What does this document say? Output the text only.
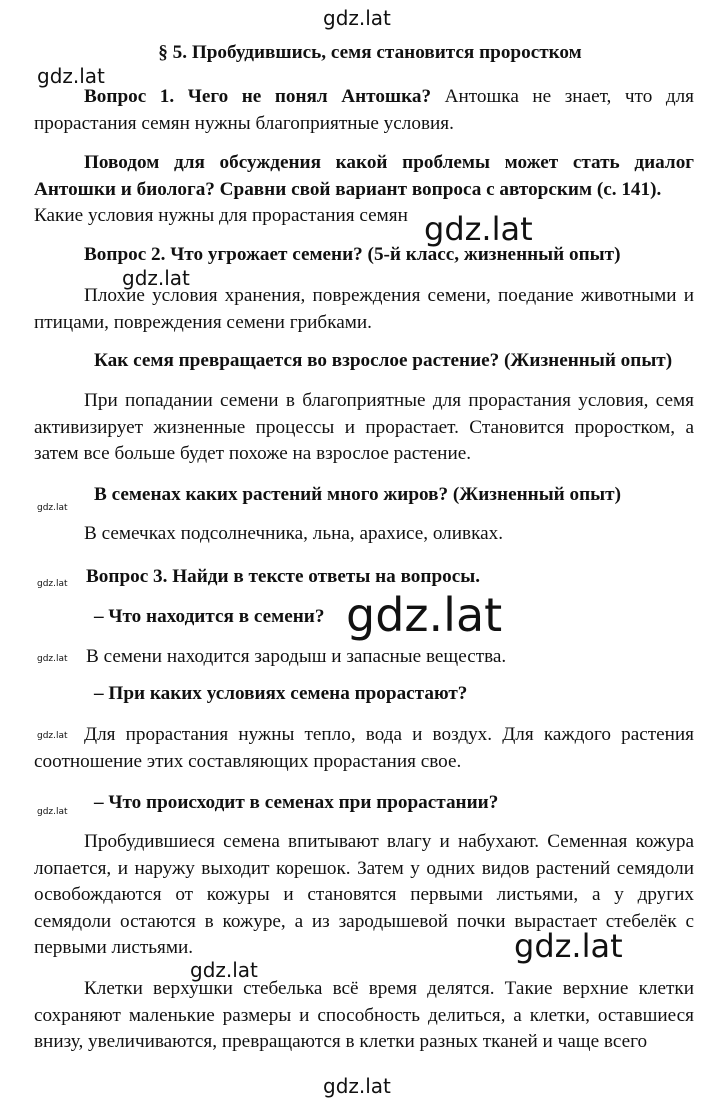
gdz.lat
gdz.lat
gdz.lat
gdz.lat
gdz.lat
gdz.lat
gdz.lat
gdz.lat
gdz.lat
gdz.lat
gdz.lat
gdz.lat
gdz.lat
§ 5. Пробудившись, семя становится проростком

Вопрос 1. Чего не понял Антошка? Антошка не знает, что для прорастания семян нужны благоприятные условия.

Поводом для обсуждения какой проблемы может стать диалог Антошки и биолога? Сравни свой вариант вопроса с авторским (с. 141).

Какие условия нужны для прорастания семян

Вопрос 2. Что угрожает семени? (5-й класс, жизненный опыт)

Плохие условия хранения, повреждения семени, поедание животными и птицами, повреждения семени грибками.

Как семя превращается во взрослое растение? (Жизненный опыт)

При попадании семени в благоприятные для прорастания условия, семя активизирует жизненные процессы и прорастает. Становится проростком, а затем все больше будет похоже на взрослое растение.

В семенах каких растений много жиров? (Жизненный опыт)

В семечках подсолнечника, льна, арахисе, оливках.

Вопрос 3. Найди в тексте ответы на вопросы.

– Что находится в семени?

В семени находится зародыш и запасные вещества.

– При каких условиях семена прорастают?

Для прорастания нужны тепло, вода и воздух. Для каждого растения соотношение этих составляющих прорастания свое.

– Что происходит в семенах при прорастании?

Пробудившиеся семена впитывают влагу и набухают. Семенная кожура лопается, и наружу выходит корешок. Затем у одних видов растений семядоли освобождаются от кожуры и становятся первыми листьями, а у других семядоли остаются в кожуре, а из зародышевой почки вырастает стебелёк с первыми листьями.

Клетки верхушки стебелька всё время делятся. Такие верхние клетки сохраняют маленькие размеры и способность делиться, а клетки, оставшиеся внизу, увеличиваются, превращаются в клетки разных тканей и чаще всего
